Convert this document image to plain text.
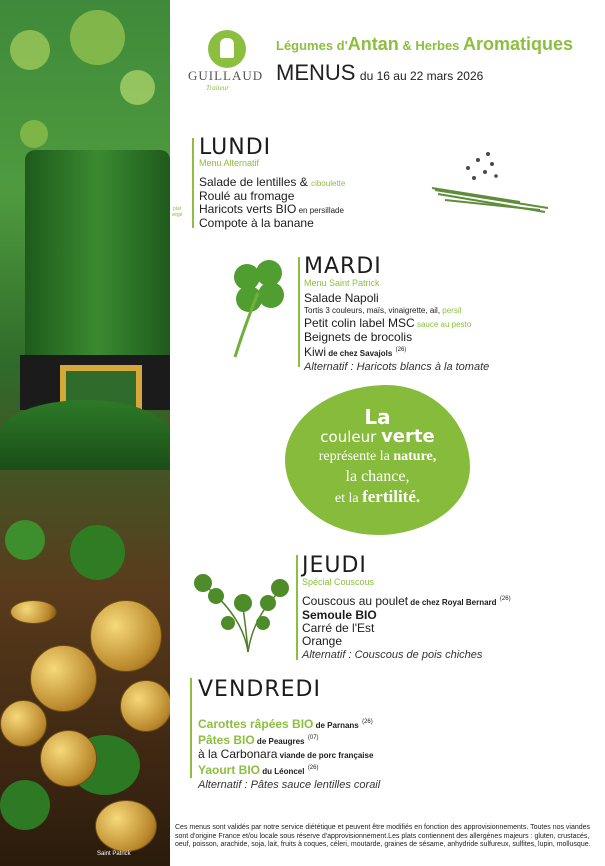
Saint Patrick
GUILLAUD
Traiteur
Légumes d'Antan & Herbes Aromatiques
MENUS du 16 au 22 mars 2026
LUNDI
Menu Alternatif
plat végé
Salade de lentilles & ciboulette
Roulé au fromage
Haricots verts BIO en persillade
Compote à la banane
MARDI
Menu Saint Patrick
Salade Napoli
Tortis 3 couleurs, maïs, vinaigrette, ail, persil
Petit colin label MSC sauce au pesto
Beignets de brocolis
Kiwi de chez Savajols $^{(26)}$
Alternatif : Haricots blancs à la tomate
La
couleur verte
représente la nature,
la chance,
et la fertilité.
JEUDI
Spécial Couscous
Couscous au poulet de chez Royal Bernard $^{(26)}$
Semoule BIO
Carré de l'Est
Orange
Alternatif : Couscous de pois chiches
VENDREDI
Carottes râpées BIO de Parnans $^{(26)}$
Pâtes BIO de Peaugres $^{(07)}$
à la Carbonara viande de porc française
Yaourt BIO du Léoncel $^{(26)}$
Alternatif : Pâtes sauce lentilles corail
Ces menus sont validés par notre service diététique et peuvent être modifiés en fonction des approvisionnements. Toutes nos viandes sont d'origine France et/ou locale sous réserve d'approvisionnement.Les plats contiennent des allergènes majeurs : gluten, crustacés, oeuf, poisson, arachide, soja, lait, fruits à coques, céleri, moutarde, graines de sésame, anhydride sulfureux, sulfites, lupin, mollusque.
